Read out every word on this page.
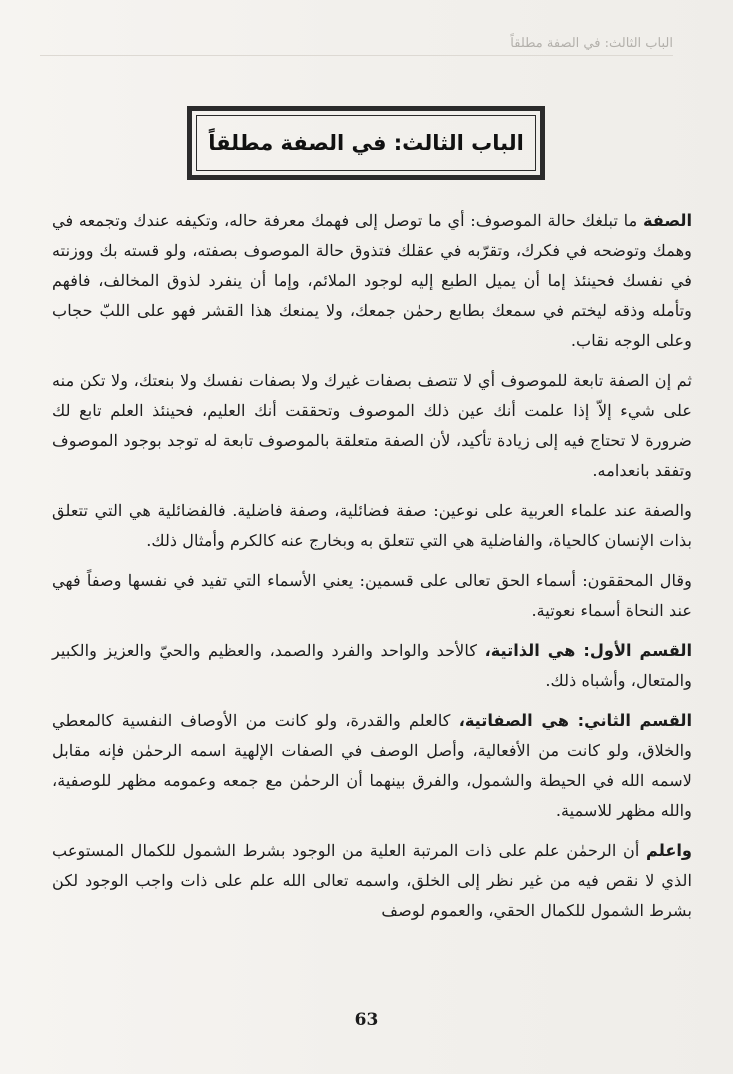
الباب الثالث: في الصفة مطلقاً
الباب الثالث: في الصفة مطلقاً

الصفة ما تبلغك حالة الموصوف: أي ما توصل إلى فهمك معرفة حاله، وتكيفه عندك وتجمعه في وهمك وتوضحه في فكرك، وتقرّبه في عقلك فتذوق حالة الموصوف بصفته، ولو قسته بك ووزنته في نفسك فحينئذ إما أن يميل الطبع إليه لوجود الملائم، وإما أن ينفرد لذوق المخالف، فافهم وتأمله وذقه ليختم في سمعك بطابع رحمٰن جمعك، ولا يمنعك هذا القشر فهو على اللبّ حجاب وعلى الوجه نقاب.

ثم إن الصفة تابعة للموصوف أي لا تتصف بصفات غيرك ولا بصفات نفسك ولا بنعتك، ولا تكن منه على شيء إلاّ إذا علمت أنك عين ذلك الموصوف وتحققت أنك العليم، فحينئذ العلم تابع لك ضرورة لا تحتاج فيه إلى زيادة تأكيد، لأن الصفة متعلقة بالموصوف تابعة له توجد بوجود الموصوف وتفقد بانعدامه.

والصفة عند علماء العربية على نوعين: صفة فضائلية، وصفة فاضلية. فالفضائلية هي التي تتعلق بذات الإنسان كالحياة، والفاضلية هي التي تتعلق به وبخارج عنه كالكرم وأمثال ذلك.

وقال المحققون: أسماء الحق تعالى على قسمين: يعني الأسماء التي تفيد في نفسها وصفاً فهي عند النحاة أسماء نعوتية.

القسم الأول: هي الذاتية، كالأحد والواحد والفرد والصمد، والعظيم والحيّ والعزيز والكبير والمتعال، وأشباه ذلك.

القسم الثاني: هي الصفاتية، كالعلم والقدرة، ولو كانت من الأوصاف النفسية كالمعطي والخلاق، ولو كانت من الأفعالية، وأصل الوصف في الصفات الإلهية اسمه الرحمٰن فإنه مقابل لاسمه الله في الحيطة والشمول، والفرق بينهما أن الرحمٰن مع جمعه وعمومه مظهر للوصفية، والله مظهر للاسمية.

واعلم أن الرحمٰن علم على ذات المرتبة العلية من الوجود بشرط الشمول للكمال المستوعب الذي لا نقص فيه من غير نظر إلى الخلق، واسمه تعالى الله علم على ذات واجب الوجود لكن بشرط الشمول للكمال الحقي، والعموم لوصف

63
